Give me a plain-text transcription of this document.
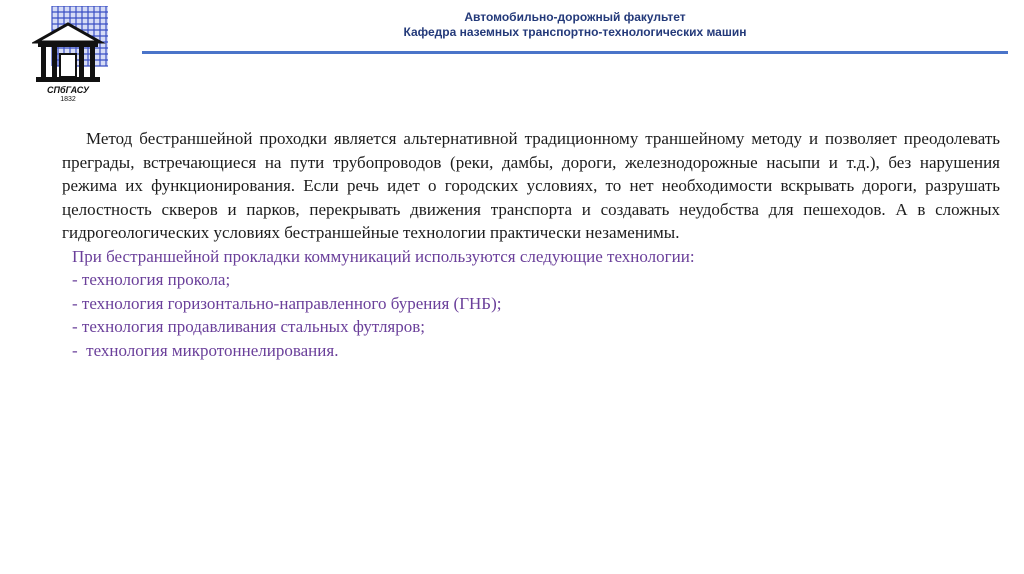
СПбГАСУ
1832
Автомобильно-дорожный факультет
Кафедра наземных транспортно-технологических машин

Метод бестраншейной проходки является альтернативной традиционному траншейному методу и позволяет преодолевать преграды, встречающиеся на пути трубопроводов (реки, дамбы, дороги, железнодорожные насыпи и т.д.), без нарушения режима их функционирования. Если речь идет о городских условиях, то нет необходимости вскрывать дороги, разрушать целостность скверов и парков, перекрывать движения транспорта и создавать неудобства для пешеходов. А в сложных гидрогеологических условиях бестраншейные технологии практически незаменимы.

При бестраншейной прокладки коммуникаций используются следующие технологии:

- технология прокола;

- технология горизонтально-направленного бурения (ГНБ);

- технология продавливания стальных футляров;

-  технология микротоннелирования.
